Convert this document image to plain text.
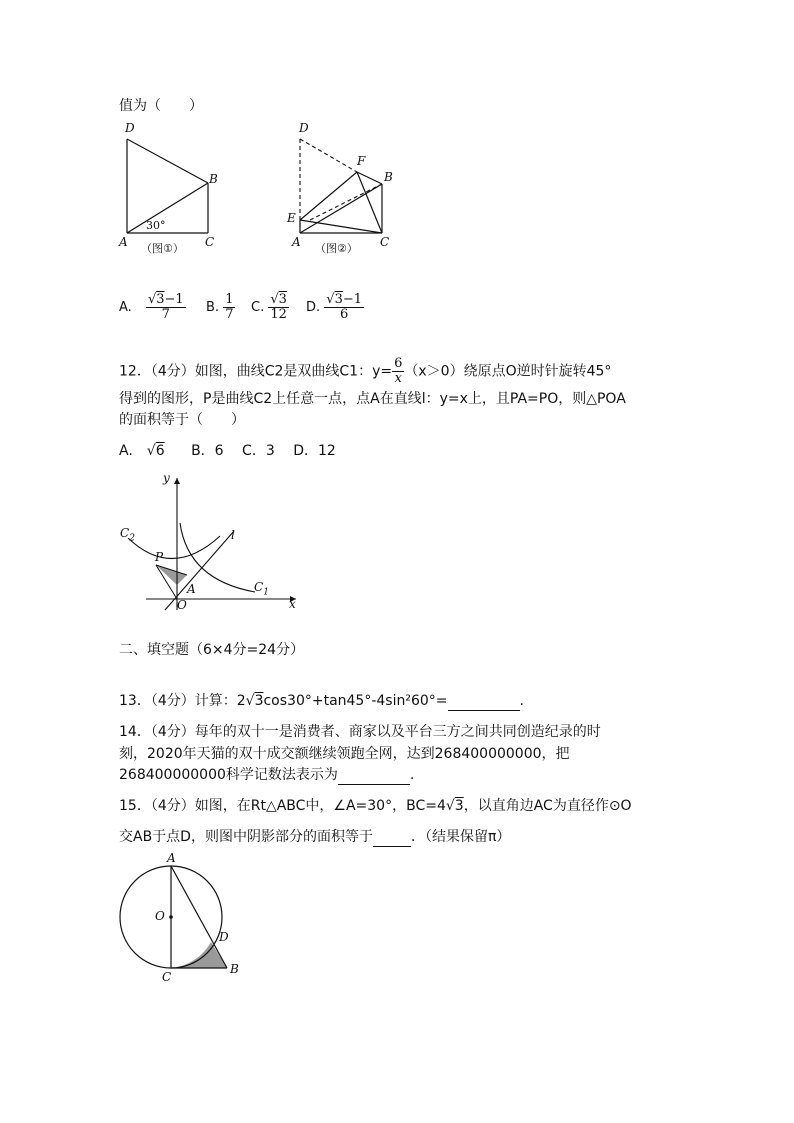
值为（　　）
D
B
A	C
30°
（图①）
D
F
B
E
A	C
（图②）
A. $\frac{√3-1}{7} B$. $\frac{1}{7} C$. $\frac{√3}{12} D$. $\frac{√3-1}{6}$
12．（4分）如图，曲线C2是双曲线C1：$y= \frac{6}{x} (x>0)$绕原点O逆时针旋转45°
得到的图形，P是曲线C2上任意一点，点A在直线l：y=x上，且PA=PO，则△POA
的面积等于（　　）
A.　 √6 B．6 C．3 D．12
y
x
$C_2$	l
P
A
O
$C_1$
二、填空题（6×4分=24分）
13．（4分）计算：2√3cos30°+tan45°-4sin²60°=	.
14．（4分）每年的双十一是消费者、商家以及平台三方之间共同创造纪录的时
刻，2020年天猫的双十成交额继续领跑全网，达到268400000000，把
268400000000科学记数法表示为	.
15．（4分）如图，在Rt△ABC中，∠A=30°，BC=4√3，以直角边AC为直径作⊙O
交AB于点D，则图中阴影部分的面积等于	．（结果保留π）
A
O
D
C
B
